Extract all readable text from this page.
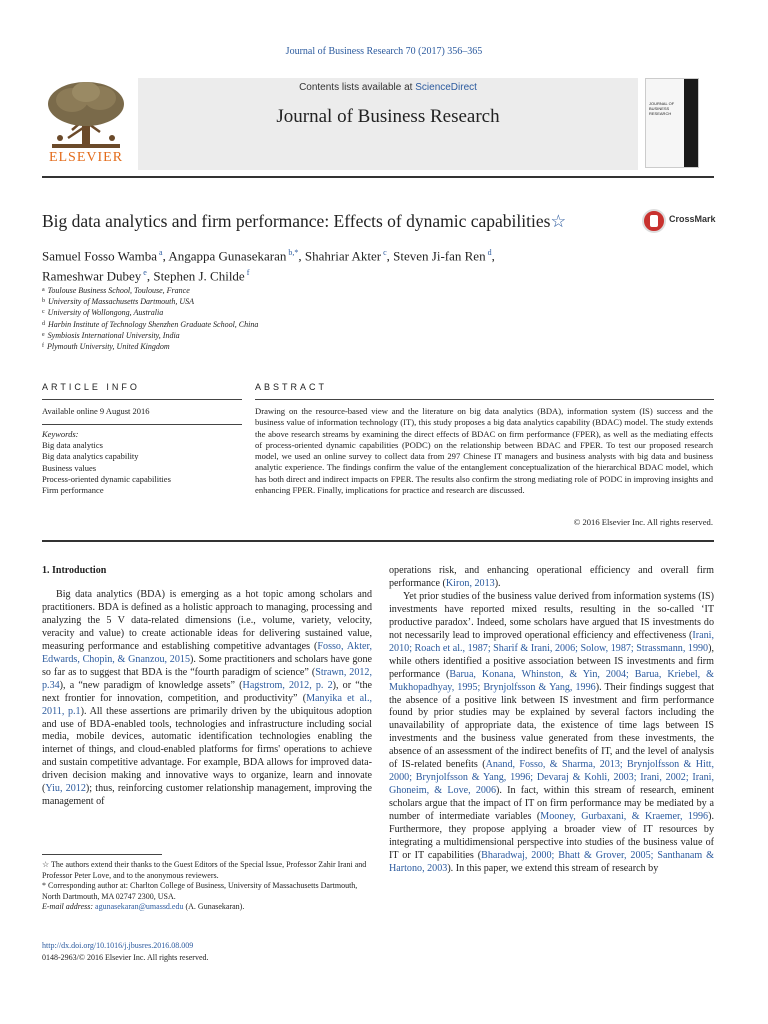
Journal of Business Research 70 (2017) 356–365
ELSEVIER
Contents lists available at ScienceDirect
Journal of Business Research
JOURNAL OF BUSINESS RESEARCH
Big data analytics and firm performance: Effects of dynamic capabilities☆	CrossMark
Samuel Fosso Wamba $^a$, Angappa Gunasekaran $^{b,*}$, Shahriar Akter $^c$, Steven Ji-fan Ren $^d$,
Rameshwar Dubey $^e$, Stephen J. Childe $^f$
$^a$ Toulouse Business School, Toulouse, France
$^b$ University of Massachusetts Dartmouth, USA
$^c$ University of Wollongong, Australia
$^d$ Harbin Institute of Technology Shenzhen Graduate School, China
$^e$ Symbiosis International University, India
$^f$ Plymouth University, United Kingdom
ARTICLE INFO	ABSTRACT
Available online 9 August 2016
Keywords:
Big data analytics
Big data analytics capability
Business values
Process-oriented dynamic capabilities
Firm performance
Drawing on the resource-based view and the literature on big data analytics (BDA), information system (IS) success and the business value of information technology (IT), this study proposes a big data analytics capability (BDAC) model. The study extends the above research streams by examining the direct effects of BDAC on firm performance (FPER), as well as the mediating effects of process-oriented dynamic capabilities (PODC) on the relationship between BDAC and FPER. To test our proposed research model, we used an online survey to collect data from 297 Chinese IT managers and business analysts with big data and business analytic experience. The findings confirm the value of the entanglement conceptualization of the hierarchical BDAC model, which has both direct and indirect impacts on FPER. The results also confirm the strong mediating role of PODC in improving insights and enhancing FPER. Finally, implications for practice and research are discussed.
© 2016 Elsevier Inc. All rights reserved.
1. Introduction

Big data analytics (BDA) is emerging as a hot topic among scholars and practitioners. BDA is defined as a holistic approach to managing, processing and analyzing the 5 V data-related dimensions (i.e., volume, variety, velocity, veracity and value) to create actionable ideas for delivering sustained value, measuring performance and establishing competitive advantages (Fosso, Akter, Edwards, Chopin, & Gnanzou, 2015). Some practitioners and scholars have gone so far as to suggest that BDA is the “fourth paradigm of science” (Strawn, 2012, p.34), a “new paradigm of knowledge assets” (Hagstrom, 2012, p. 2), or “the next frontier for innovation, competition, and productivity” (Manyika et al., 2011, p.1). All these assertions are primarily driven by the ubiquitous adoption and use of BDA-enabled tools, technologies and infrastructure including social media, mobile devices, automatic identification technologies enabling the internet of things, and cloud-enabled platforms for firms' operations to achieve and sustain competitive advantage. For example, BDA allows for improved data-driven decision making and innovative ways to organize, learn and innovate (Yiu, 2012); thus, reinforcing customer relationship management, improving the management of

operations risk, and enhancing operational efficiency and overall firm performance (Kiron, 2013).

Yet prior studies of the business value derived from information systems (IS) investments have reported mixed results, resulting in the so-called ‘IT productive paradox’. Indeed, some scholars have argued that IS investments do not necessarily lead to improved operational efficiency and effectiveness (Irani, 2010; Roach et al., 1987; Sharif & Irani, 2006; Solow, 1987; Strassmann, 1990), while others identified a positive association between IS investments and firm performance (Barua, Konana, Whinston, & Yin, 2004; Barua, Kriebel, & Mukhopadhyay, 1995; Brynjolfsson & Yang, 1996). Their findings suggest that the absence of a positive link between IS investment and firm performance found by prior studies may be explained by several factors including the unavailability of appropriate data, the existence of time lags between IS investments and the business value generated from these investments, the absence of an assessment of the indirect benefits of IT, and the level of analysis of IS-related benefits (Anand, Fosso, & Sharma, 2013; Brynjolfsson & Hitt, 2000; Brynjolfsson & Yang, 1996; Devaraj & Kohli, 2003; Irani, 2002; Irani, Ghoneim, & Love, 2006). In fact, within this stream of research, eminent scholars argue that the impact of IT on firm performance may be mediated by a number of intermediate variables (Mooney, Gurbaxani, & Kraemer, 1996). Furthermore, they propose applying a broader view of IT resources by integrating a multidimensional perspective into studies of the business value of IT or IT capabilities (Bharadwaj, 2000; Bhatt & Grover, 2005; Santhanam & Hartono, 2003). In this paper, we extend this stream of research by

☆ The authors extend their thanks to the Guest Editors of the Special Issue, Professor Zahir Irani and Professor Peter Love, and to the anonymous reviewers.
* Corresponding author at: Charlton College of Business, University of Massachusetts Dartmouth, North Dartmouth, MA 02747 2300, USA.
E-mail address: agunasekaran@umassd.edu (A. Gunasekaran).
http://dx.doi.org/10.1016/j.jbusres.2016.08.009
0148-2963/© 2016 Elsevier Inc. All rights reserved.
